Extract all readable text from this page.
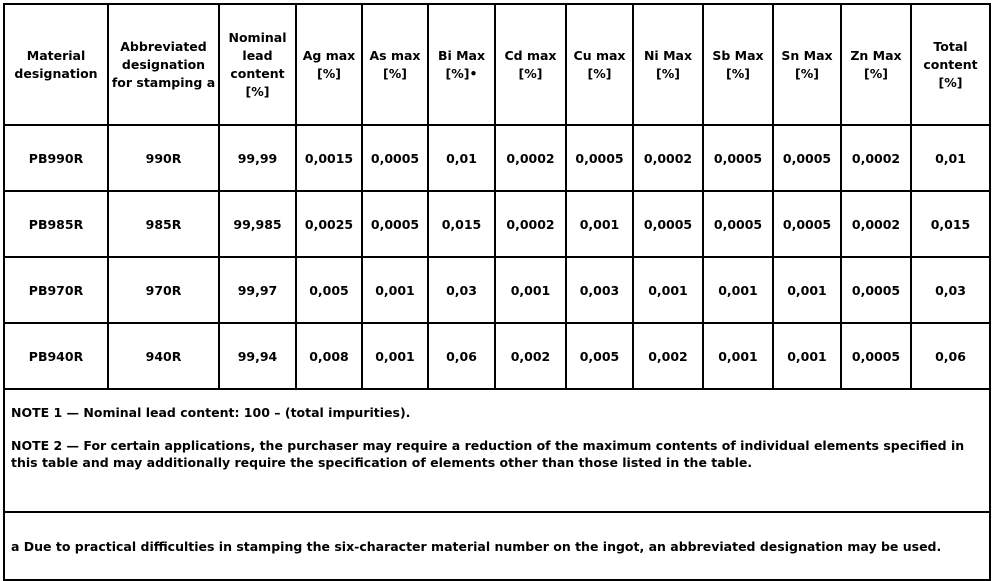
Material designation	Abbreviated designation for stamping a	Nominal lead content [%]	Ag max [%]	As max [%]	Bi Max [%]•	Cd max [%]	Cu max [%]	Ni Max [%]	Sb Max [%]	Sn Max [%]	Zn Max [%]	Total content [%]
PB990R	990R	99,99	0,0015	0,0005	0,01	0,0002	0,0005	0,0002	0,0005	0,0005	0,0002	0,01
PB985R	985R	99,985	0,0025	0,0005	0,015	0,0002	0,001	0,0005	0,0005	0,0005	0,0002	0,015
PB970R	970R	99,97	0,005	0,001	0,03	0,001	0,003	0,001	0,001	0,001	0,0005	0,03
PB940R	940R	99,94	0,008	0,001	0,06	0,002	0,005	0,002	0,001	0,001	0,0005	0,06

NOTE 1 — Nominal lead content: 100 – (total impurities).

NOTE 2 — For certain applications, the purchaser may require a reduction of the maximum contents of individual elements specified in this table and may additionally require the specification of elements other than those listed in the table.												

a Due to practical difficulties in stamping the six-character material number on the ingot, an abbreviated designation may be used.												
